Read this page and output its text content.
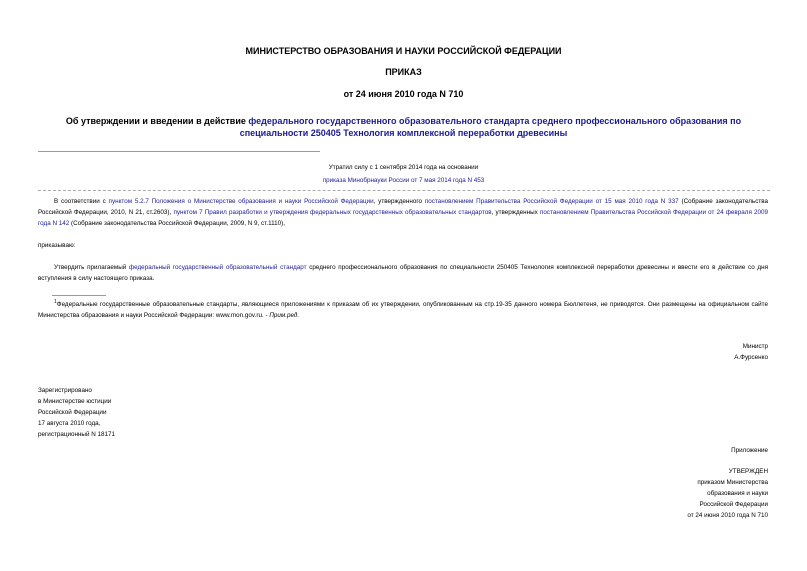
МИНИСТЕРСТВО ОБРАЗОВАНИЯ И НАУКИ РОССИЙСКОЙ ФЕДЕРАЦИИ
ПРИКАЗ
от 24 июня 2010 года N 710
Об утверждении и введении в действие федерального государственного образовательного стандарта среднего профессионального образования по
специальности 250405 Технология комплексной переработки древесины
Утратил силу с 1 сентября 2014 года на основании
приказа Минобрнауки России от 7 мая 2014 года N 453
В соответствии с пунктом 5.2.7 Положения о Министерстве образования и науки Российской Федерации, утвержденного постановлением Правительства Российской Федерации от 15 мая 2010 года N 337 (Собрание законодательства Российской Федерации, 2010, N 21, ст.2603), пунктом 7 Правил разработки и утверждения федеральных государственных образовательных стандартов, утвержденных постановлением Правительства Российской Федерации от 24 февраля 2009 года N 142 (Собрание законодательства Российской Федерации, 2009, N 9, ст.1110),
приказываю:
Утвердить прилагаемый федеральный государственный образовательный стандарт среднего профессионального образования по специальности 250405 Технология комплексной переработки древесины и ввести его в действие со дня вступления в силу настоящего приказа.
$^1$Федеральные государственные образовательные стандарты, являющиеся приложениями к приказам об их утверждении, опубликованным на стр.19-35 данного номера Бюллетеня, не приводятся. Они размещены на официальном сайте Министерства образования и науки Российской Федерации: www.mon.gov.ru. - Прим.ред.
Министр
А.Фурсенко
Зарегистрировано
в Министерстве юстиции
Российской Федерации
17 августа 2010 года,
регистрационный N 18171
Приложение
УТВЕРЖДЕН
приказом Министерства
образования и науки
Российской Федерации
от 24 июня 2010 года N 710
